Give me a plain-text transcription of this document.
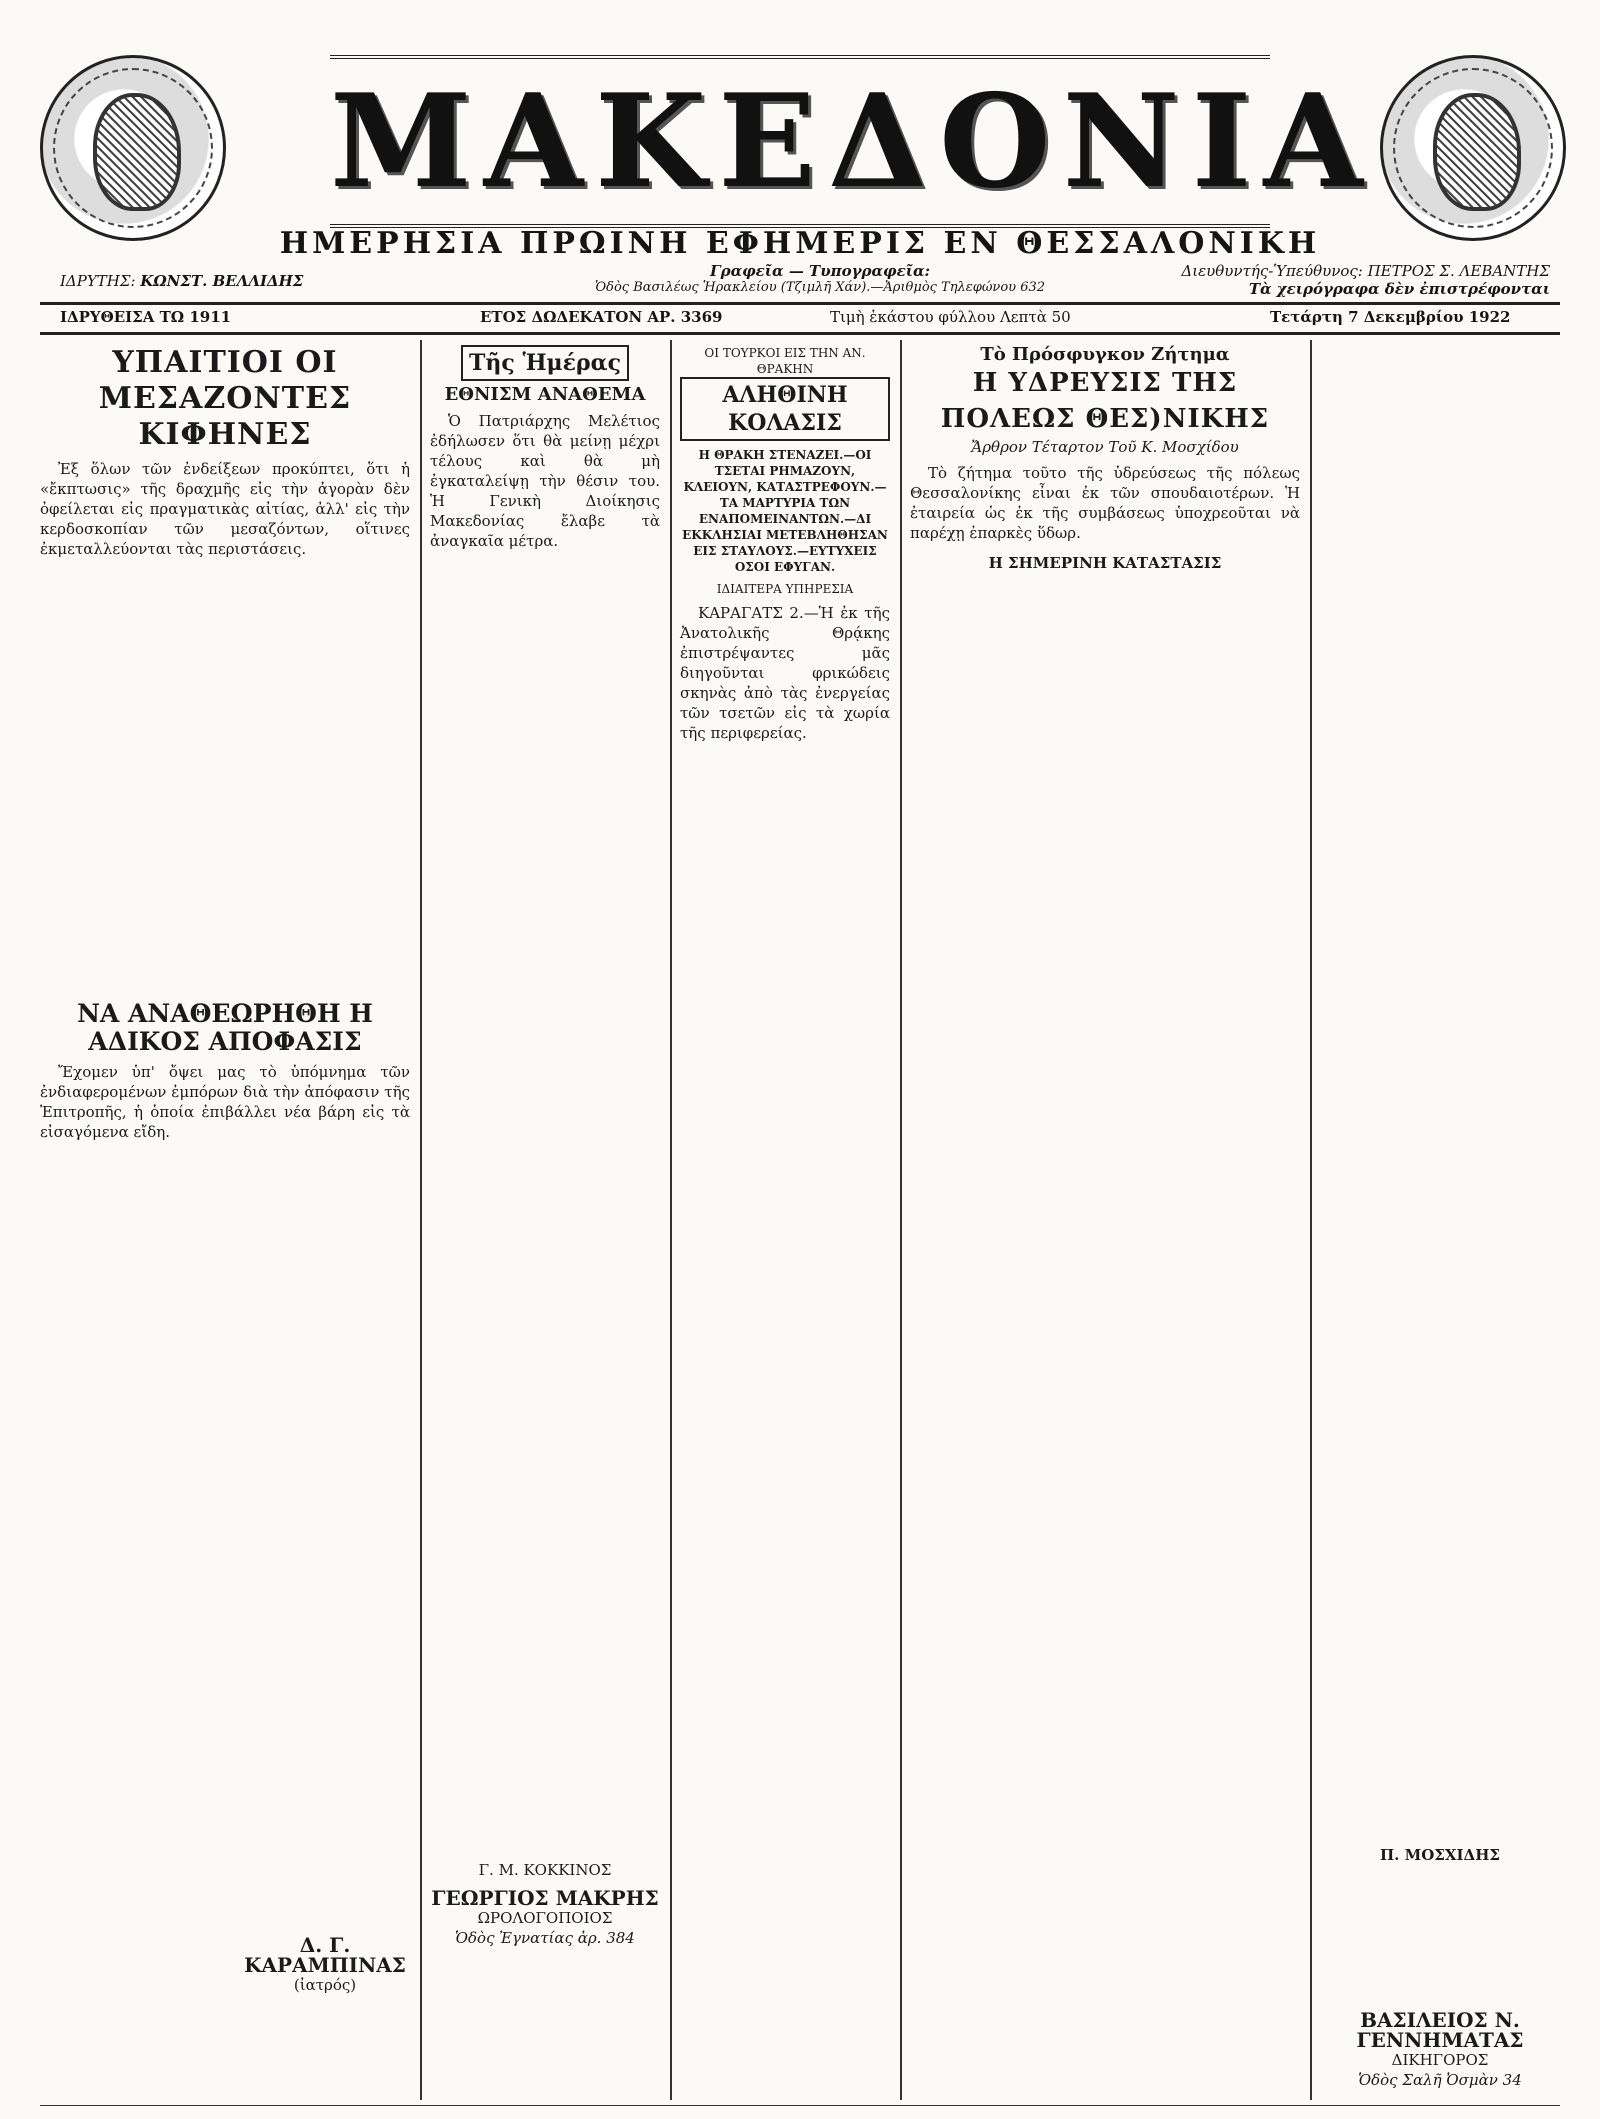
ΜΑΚΕΔΟΝΙΑ
ΗΜΕΡΗΣΙΑ ΠΡΩΙΝΗ ΕΦΗΜΕΡΙΣ ΕΝ ΘΕΣΣΑΛΟΝΙΚΗ
ΙΔΡΥΤΗΣ: ΚΩΝΣΤ. ΒΕΛΛΙΔΗΣ
Γραφεῖα — Τυπογραφεῖα:
Ὁδὸς Βασιλέως Ἡρακλείου (Τζιμλῆ Χάν).—Ἀριθμὸς Τηλεφώνου 632
Διευθυντής-Ὑπεύθυνος: ΠΕΤΡΟΣ Σ. ΛΕΒΑΝΤΗΣ
Τὰ χειρόγραφα δὲν ἐπιστρέφονται
ΙΔΡΥΘΕΙΣΑ ΤΩ 1911	ΕΤΟΣ ΔΩΔΕΚΑΤΟΝ ΑΡ. 3369	Τιμὴ ἑκάστου φύλλου Λεπτὰ 50	Τετάρτη 7 Δεκεμβρίου 1922
ΥΠΑΙΤΙΟΙ ΟΙ ΜΕΣΑΖΟΝΤΕΣ ΚΙΦΗΝΕΣ

Ἐξ ὅλων τῶν ἐνδείξεων προκύπτει, ὅτι ἡ «ἔκπτωσις» τῆς δραχμῆς εἰς τὴν ἀγορὰν δὲν ὀφείλεται εἰς πραγματικὰς αἰτίας, ἀλλ' εἰς τὴν κερδοσκοπίαν τῶν μεσαζόντων, οἵτινες ἐκμεταλλεύονται τὰς περιστάσεις.

ΝΑ ΑΝΑΘΕΩΡΗΘΗ Η ΑΔΙΚΟΣ ΑΠΟΦΑΣΙΣ

Ἔχομεν ὑπ' ὄψει μας τὸ ὑπόμνημα τῶν ἐνδιαφερομένων ἐμπόρων διὰ τὴν ἀπόφασιν τῆς Ἐπιτροπῆς, ἡ ὁποία ἐπιβάλλει νέα βάρη εἰς τὰ εἰσαγόμενα εἴδη.

Δ. Γ. ΚΑΡΑΜΠΙΝΑΣ
(ἰατρός)
Τῆς Ἡμέρας
ΕΘΝΙΣΜ ΑΝΑΘΕΜΑ

Ὁ Πατριάρχης Μελέτιος ἐδήλωσεν ὅτι θὰ μείνῃ μέχρι τέλους καὶ θὰ μὴ ἐγκαταλείψῃ τὴν θέσιν του. Ἡ Γενικὴ Διοίκησις Μακεδονίας ἔλαβε τὰ ἀναγκαῖα μέτρα.

Γ. Μ. ΚΟΚΚΙΝΟΣ
ΓΕΩΡΓΙΟΣ ΜΑΚΡΗΣ
ΩΡΟΛΟΓΟΠΟΙΟΣ
Ὁδὸς Ἐγνατίας ἀρ. 384
ΟΙ ΤΟΥΡΚΟΙ ΕΙΣ ΤΗΝ ΑΝ. ΘΡΑΚΗΝ
ΑΛΗΘΙΝΗ ΚΟΛΑΣΙΣ
Η ΘΡΑΚΗ ΣΤΕΝΑΖΕΙ.—ΟΙ ΤΣΕΤΑΙ ΡΗΜΑΖΟΥΝ, ΚΛΕΙΟΥΝ, ΚΑΤΑΣΤΡΕΦΟΥΝ.—ΤΑ ΜΑΡΤΥΡΙΑ ΤΩΝ ΕΝΑΠΟΜΕΙΝΑΝΤΩΝ.—ΔΙ ΕΚΚΛΗΣΙΑΙ ΜΕΤΕΒΛΗΘΗΣΑΝ ΕΙΣ ΣΤΑΥΛΟΥΣ.—ΕΥΤΥΧΕΙΣ ΟΣΟΙ ΕΦΥΓΑΝ.
ΙΔΙΑΙΤΕΡΑ ΥΠΗΡΕΣΙΑ

ΚΑΡΑΓΑΤΣ 2.—Ἡ ἐκ τῆς Ἀνατολικῆς Θρᾴκης ἐπιστρέψαντες μᾶς διηγοῦνται φρικώδεις σκηνὰς ἀπὸ τὰς ἐνεργείας τῶν τσετῶν εἰς τὰ χωρία τῆς περιφερείας.

Τὸ Πρόσφυγκον Ζήτημα
Η ΥΔΡΕΥΣΙΣ ΤΗΣ ΠΟΛΕΩΣ ΘΕΣ)ΝΙΚΗΣ
Ἄρθρον Τέταρτον Τοῦ Κ. Μοσχίδου

Τὸ ζήτημα τοῦτο τῆς ὑδρεύσεως τῆς πόλεως Θεσσαλονίκης εἶναι ἐκ τῶν σπουδαιοτέρων. Ἡ ἐταιρεία ὡς ἐκ τῆς συμβάσεως ὑποχρεοῦται νὰ παρέχῃ ἐπαρκὲς ὕδωρ.

Η ΣΗΜΕΡΙΝΗ ΚΑΤΑΣΤΑΣΙΣ
Π. ΜΟΣΧΙΔΗΣ
ΒΑΣΙΛΕΙΟΣ Ν. ΓΕΝΝΗΜΑΤΑΣ
ΔΙΚΗΓΟΡΟΣ
Ὁδὸς Σαλῆ Ὀσμὰν 34
